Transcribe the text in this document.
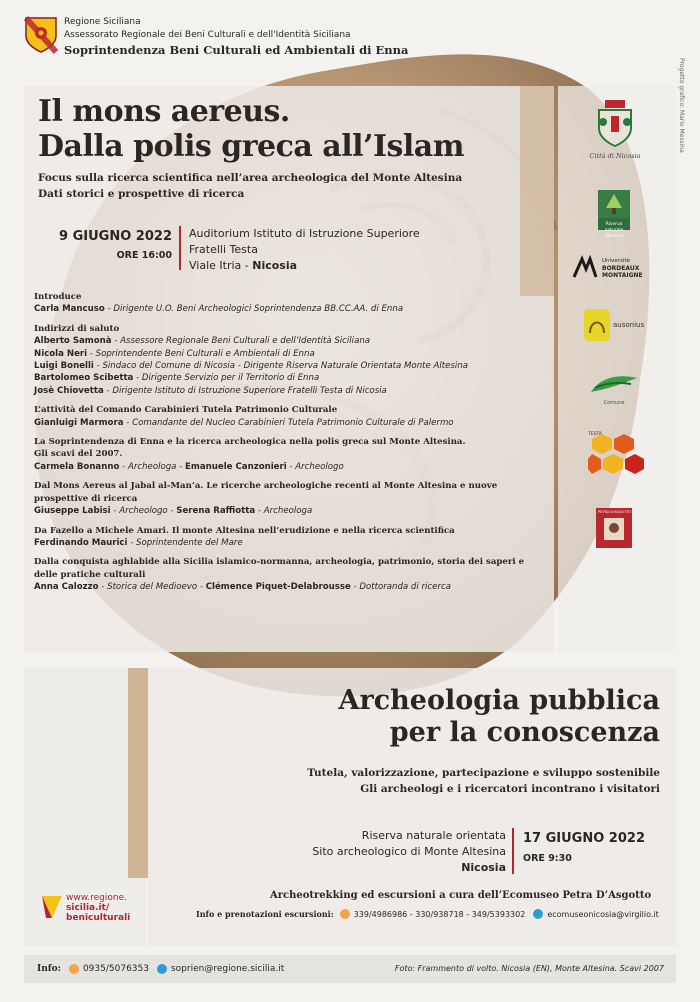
Regione Siciliana
Assessorato Regionale dei Beni Culturali e dell'Identità Siciliana
Soprintendenza Beni Culturali ed Ambientali di Enna
Progetto grafico: Mario Messina
Il mons aereus.
Dalla polis greca all’Islam
Focus sulla ricerca scientifica nell’area archeologica del Monte Altesina
Dati storici e prospettive di ricerca
9 GIUGNO 2022
ORE 16:00
Auditorium Istituto di Istruzione Superiore
Fratelli Testa
Viale Itria - Nicosia
Introduce
Carla Mancuso - Dirigente U.O. Beni Archeologici Soprintendenza BB.CC.AA. di Enna
Indirizzi di saluto
Alberto Samonà - Assessore Regionale Beni Culturali e dell’Identità Siciliana
Nicola Neri - Soprintendente Beni Culturali e Ambientali di Enna
Luigi Bonelli - Sindaco del Comune di Nicosia - Dirigente Riserva Naturale Orientata Monte Altesina
Bartolomeo Scibetta - Dirigente Servizio per il Territorio di Enna
Josè Chiovetta - Dirigente Istituto di Istruzione Superiore Fratelli Testa di Nicosia
L’attività del Comando Carabinieri Tutela Patrimonio Culturale
Gianluigi Marmora - Comandante del Nucleo Carabinieri Tutela Patrimonio Culturale di Palermo
La Soprintendenza di Enna e la ricerca archeologica nella polis greca sul Monte Altesina.
Gli scavi del 2007.
Carmela Bonanno - Archeologa - Emanuele Canzonieri - Archeologo
Dal Mons Aereus al Jabal al-Man’a. Le ricerche archeologiche recenti al Monte Altesina e nuove
prospettive di ricerca
Giuseppe Labisi - Archeologo - Serena Raffiotta - Archeologa
Da Fazello a Michele Amari. Il monte Altesina nell’erudizione e nella ricerca scientifica
Ferdinando Maurici - Soprintendente del Mare
Dalla conquista aghlabide alla Sicilia islamico-normanna, archeologia, patrimonio, storia dei saperi e
delle pratiche culturali
Anna Calozzo - Storica del Medioevo - Clémence Piquet-Delabrousse - Dottoranda di ricerca
Città di Nicosia
Riserva naturale Altesina
Université
BORDEAUX
MONTAIGNE
ausonius
Comune
TESTA
PETRA D’ASGOTTO
Archeologia pubblica
per la conoscenza
Tutela, valorizzazione, partecipazione e sviluppo sostenibile
Gli archeologi e i ricercatori incontrano i visitatori
Riserva naturale orientata
Sito archeologico di Monte Altesina
Nicosia
17 GIUGNO 2022
ORE 9:30
www.regione.
sicilia.it/
beniculturali
Archeotrekking ed escursioni a cura dell’Ecomuseo Petra D’Asgotto
Info e prenotazioni escursioni:	339/4986986 - 330/938718 - 349/5393302	ecomuseonicosia@virgilio.it
Info: 0935/5076353 soprien@regione.sicilia.it	Foto: Frammento di volto. Nicosia (EN), Monte Altesina. Scavi 2007
